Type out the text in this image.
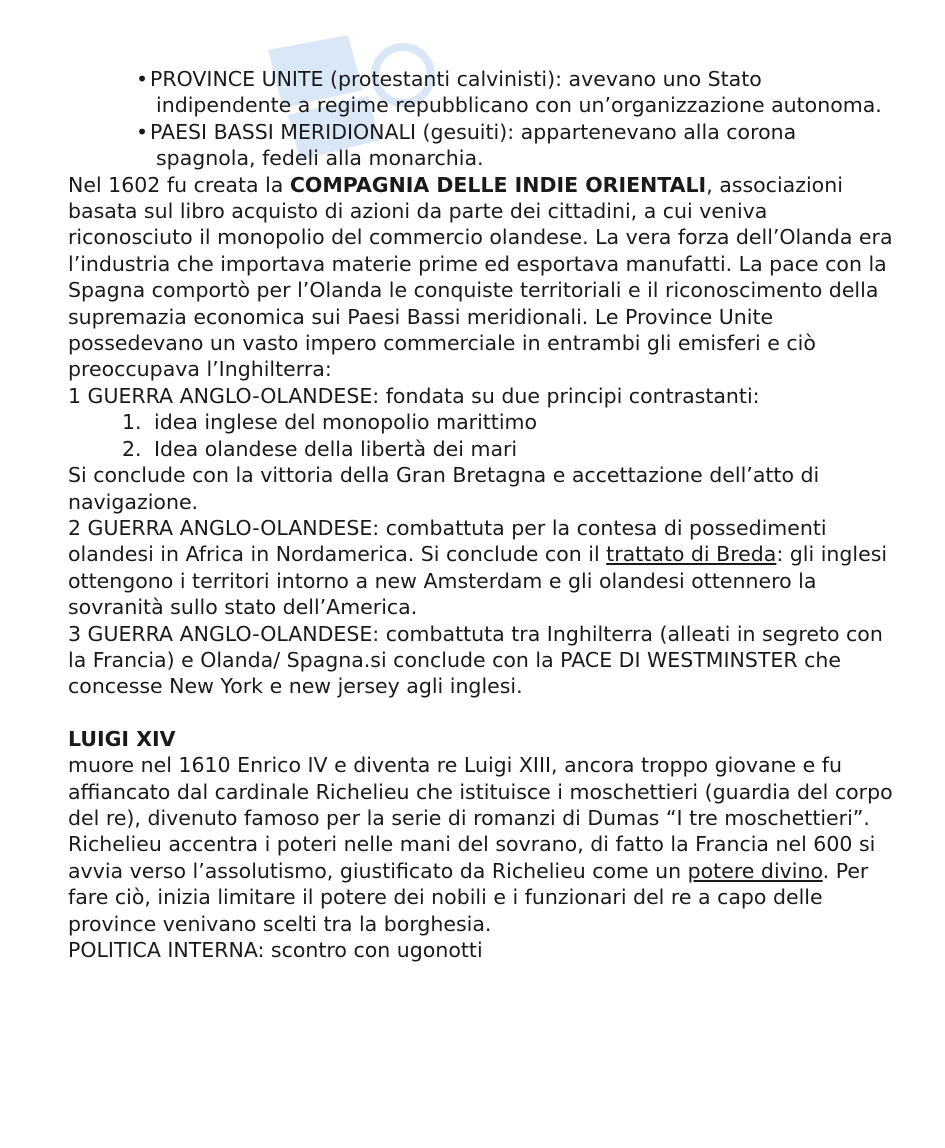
•PROVINCE UNITE (protestanti calvinisti): avevano uno Stato indipendente a regime repubblicano con un’organizzazione autonoma.
•PAESI BASSI MERIDIONALI (gesuiti): appartenevano alla corona spagnola, fedeli alla monarchia.

Nel 1602 fu creata la COMPAGNIA DELLE INDIE ORIENTALI, associazioni basata sul libro acquisto di azioni da parte dei cittadini, a cui veniva riconosciuto il monopolio del commercio olandese. La vera forza dell’Olanda era l’industria che importava materie prime ed esportava manufatti. La pace con la Spagna comportò per l’Olanda le conquiste territoriali e il riconoscimento della supremazia economica sui Paesi Bassi meridionali. Le Province Unite possedevano un vasto impero commerciale in entrambi gli emisferi e ciò preoccupava l’Inghilterra:

1 GUERRA ANGLO-OLANDESE: fondata su due principi contrastanti:

1. idea inglese del monopolio marittimo
2. Idea olandese della libertà dei mari

Si conclude con la vittoria della Gran Bretagna e accettazione dell’atto di navigazione.

2 GUERRA ANGLO-OLANDESE: combattuta per la contesa di possedimenti olandesi in Africa in Nordamerica. Si conclude con il trattato di Breda: gli inglesi ottengono i territori intorno a new Amsterdam e gli olandesi ottennero la sovranità sullo stato dell’America.

3 GUERRA ANGLO-OLANDESE: combattuta tra Inghilterra (alleati in segreto con la Francia) e Olanda/ Spagna.si conclude con la PACE DI WESTMINSTER che concesse New York e new jersey agli inglesi.

LUIGI XIV

muore nel 1610 Enrico IV e diventa re Luigi XIII, ancora troppo giovane e fu affiancato dal cardinale Richelieu che istituisce i moschettieri (guardia del corpo del re), divenuto famoso per la serie di romanzi di Dumas “I tre moschettieri”. Richelieu accentra i poteri nelle mani del sovrano, di fatto la Francia nel 600 si avvia verso l’assolutismo, giustificato da Richelieu come un potere divino. Per fare ciò, inizia limitare il potere dei nobili e i funzionari del re a capo delle province venivano scelti tra la borghesia.

POLITICA INTERNA: scontro con ugonotti
